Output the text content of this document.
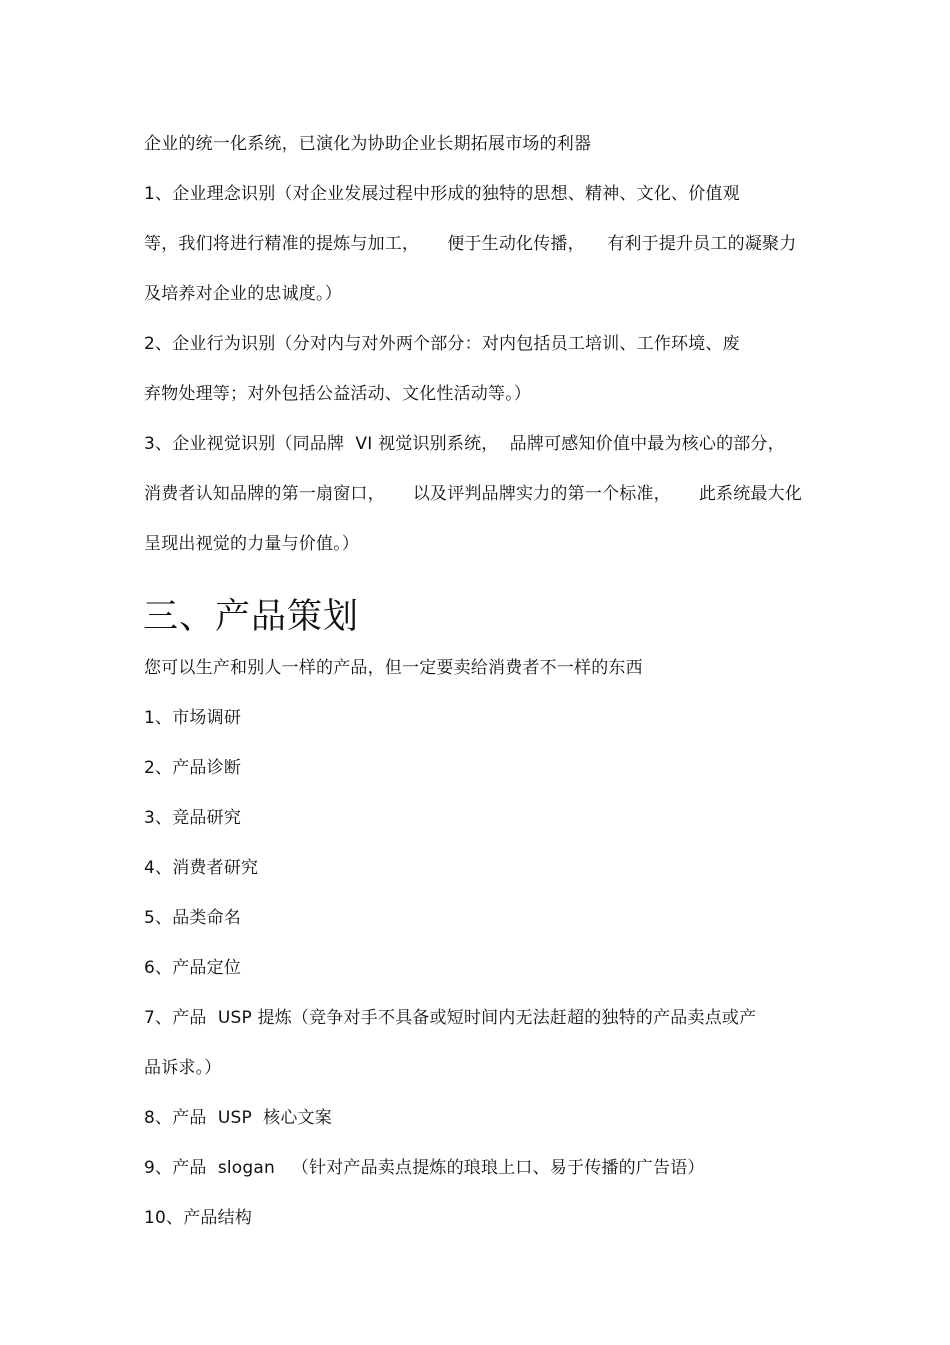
企业的统一化系统，已演化为协助企业长期拓展市场的利器
1、企业理念识别（对企业发展过程中形成的独特的思想、精神、文化、价值观
等，我们将进行精准的提炼与加工，     便于生动化传播，    有利于提升员工的凝聚力
及培养对企业的忠诚度。）
2、企业行为识别（分对内与对外两个部分：对内包括员工培训、工作环境、废
弃物处理等；对外包括公益活动、文化性活动等。）
3、企业视觉识别（同品牌  VI 视觉识别系统，  品牌可感知价值中最为核心的部分，
消费者认知品牌的第一扇窗口，     以及评判品牌实力的第一个标准，     此系统最大化
呈现出视觉的力量与价值。）
三、产品策划
您可以生产和别人一样的产品，但一定要卖给消费者不一样的东西
1、市场调研
2、产品诊断
3、竞品研究
4、消费者研究
5、品类命名
6、产品定位
7、产品  USP 提炼（竞争对手不具备或短时间内无法赶超的独特的产品卖点或产
品诉求。）
8、产品  USP  核心文案
9、产品  slogan   （针对产品卖点提炼的琅琅上口、易于传播的广告语）
10、产品结构
